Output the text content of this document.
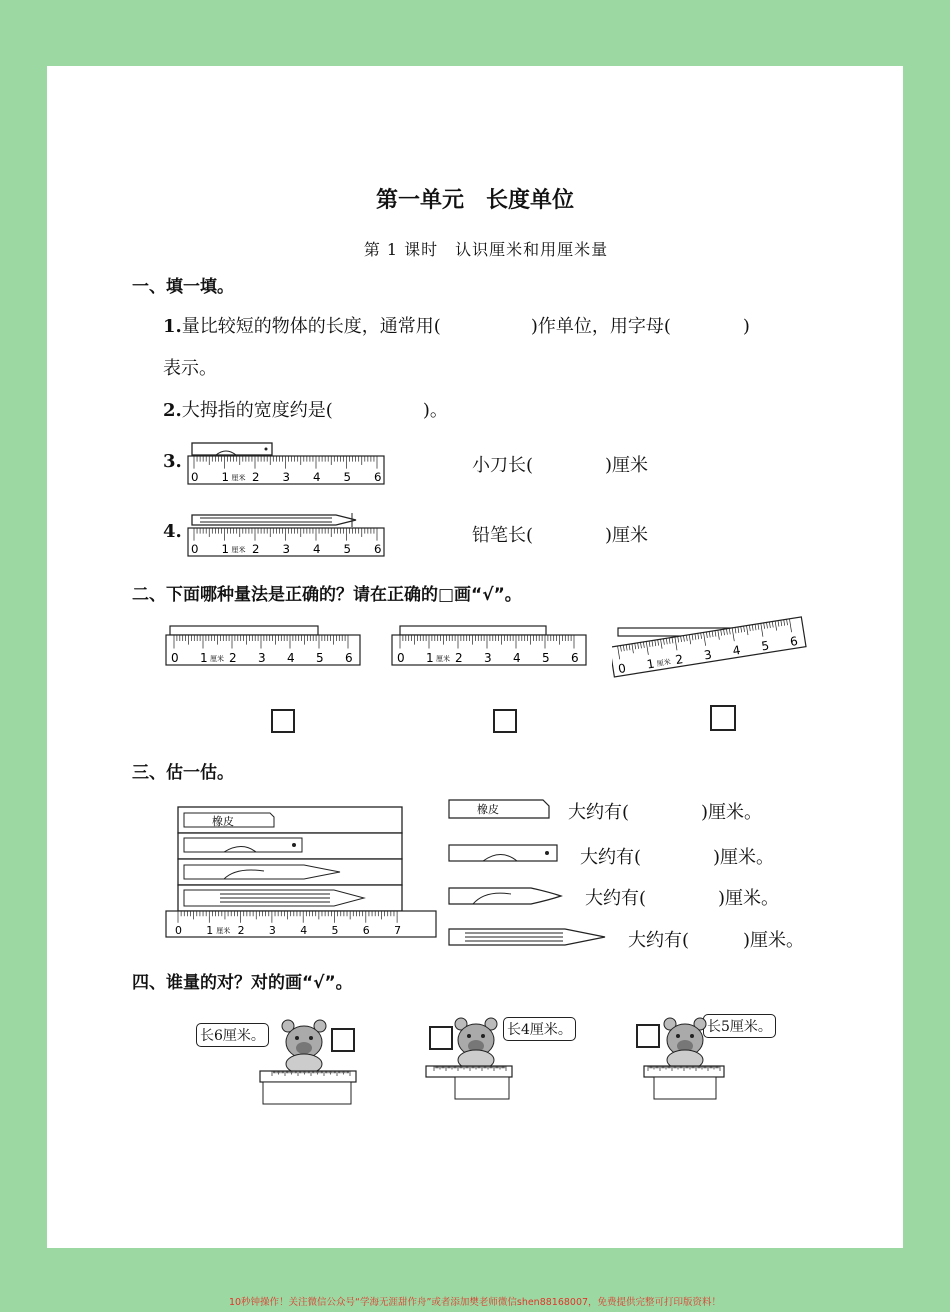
第一单元　长度单位
第 1 课时　认识厘米和用厘米量
一、填一填。
1.量比较短的物体的长度，通常用(　　　　　)作单位，用字母(　　　　)
表示。
2.大拇指的宽度约是(　　　　　)。
3.
4.
小刀长(　　　　)厘米
铅笔长(　　　　)厘米
0 1 2 3 4 5 6
厘米
0 1 2 3 4 5 6
厘米
二、下面哪种量法是正确的？请在正确的□画“√”。
0 1 2 3 4 5 6
厘米	0 1 2 3 4 5 6
厘米
0 1 2 3 4 5 6
厘米
三、估一估。
橡皮
0 1 2 3 4 5 6 7
厘米
橡皮	大约有(　　　　)厘米。
大约有(　　　　)厘米。
大约有(　　　　)厘米。
大约有(　　　)厘米。
四、谁量的对？对的画“√”。
长6厘米。	长4厘米。	长5厘米。
10秒钟操作！关注微信公众号“学海无涯甜作舟”或者添加樊老师微信shen88168007，免费提供完整可打印版资料！
